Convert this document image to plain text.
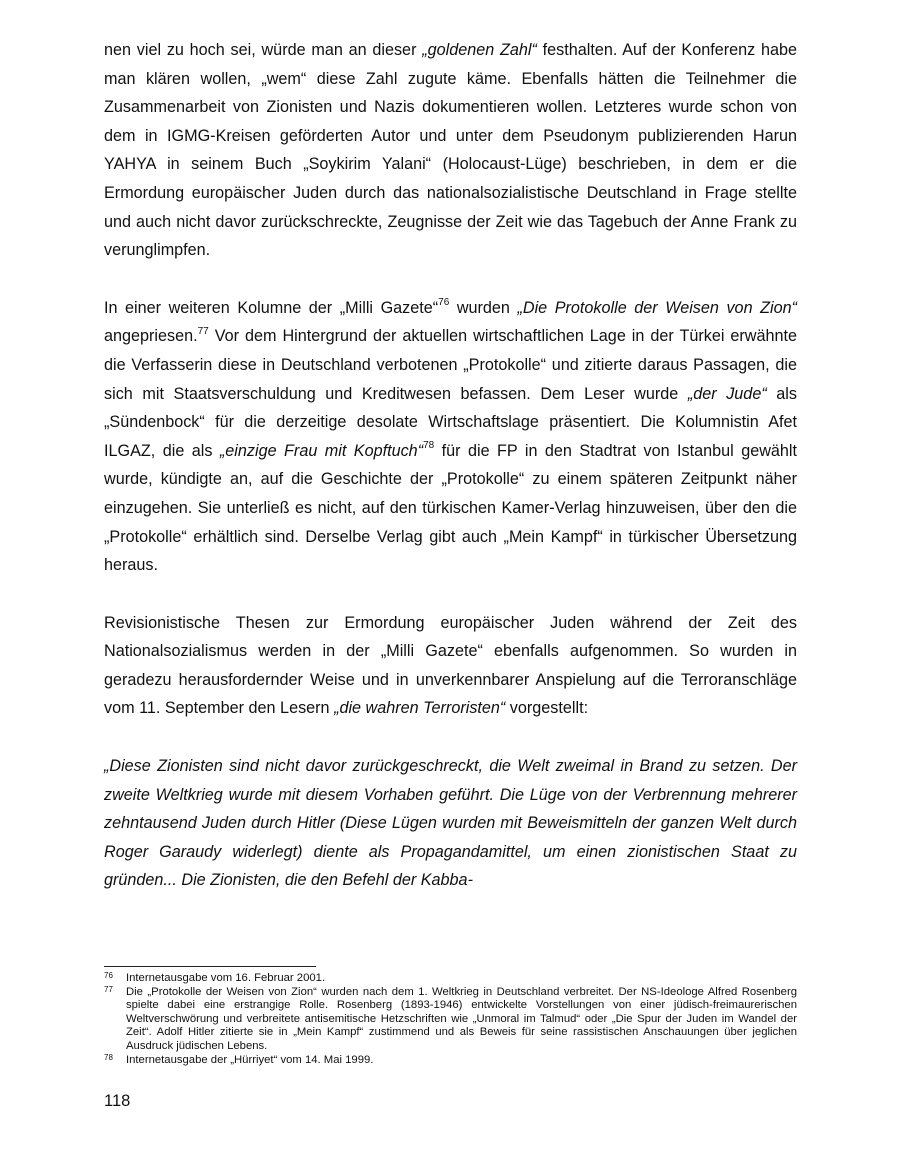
nen viel zu hoch sei, würde man an dieser „goldenen Zahl“ festhalten. Auf der Konferenz habe man klären wollen, „wem“ diese Zahl zugute käme. Ebenfalls hätten die Teilnehmer die Zusammenarbeit von Zionisten und Nazis dokumentieren wollen. Letzteres wurde schon von dem in IGMG-Kreisen geförderten Autor und unter dem Pseudonym publizierenden Harun YAHYA in seinem Buch „Soykirim Yalani“ (Holocaust-Lüge) beschrieben, in dem er die Ermordung europäischer Juden durch das nationalsozialistische Deutschland in Frage stellte und auch nicht davor zurückschreckte, Zeugnisse der Zeit wie das Tagebuch der Anne Frank zu verunglimpfen.

In einer weiteren Kolumne der „Milli Gazete“$^{76}$ wurden „Die Protokolle der Weisen von Zion“ angepriesen.$^{77}$ Vor dem Hintergrund der aktuellen wirtschaftlichen Lage in der Türkei erwähnte die Verfasserin diese in Deutschland verbotenen „Protokolle“ und zitierte daraus Passagen, die sich mit Staatsverschuldung und Kreditwesen befassen. Dem Leser wurde „der Jude“ als „Sündenbock“ für die derzeitige desolate Wirtschaftslage präsentiert. Die Kolumnistin Afet ILGAZ, die als „einzige Frau mit Kopftuch“$^{78}$ für die FP in den Stadtrat von Istanbul gewählt wurde, kündigte an, auf die Geschichte der „Protokolle“ zu einem späteren Zeitpunkt näher einzugehen. Sie unterließ es nicht, auf den türkischen Kamer-Verlag hinzuweisen, über den die „Protokolle“ erhältlich sind. Derselbe Verlag gibt auch „Mein Kampf“ in türkischer Übersetzung heraus.

Revisionistische Thesen zur Ermordung europäischer Juden während der Zeit des Nationalsozialismus werden in der „Milli Gazete“ ebenfalls aufgenommen. So wurden in geradezu herausfordernder Weise und in unverkennbarer Anspielung auf die Terroranschläge vom 11. September den Lesern „die wahren Terroristen“ vorgestellt:

„Diese Zionisten sind nicht davor zurückgeschreckt, die Welt zweimal in Brand zu setzen. Der zweite Weltkrieg wurde mit diesem Vorhaben geführt. Die Lüge von der Verbrennung mehrerer zehntausend Juden durch Hitler (Diese Lügen wurden mit Beweismitteln der ganzen Welt durch Roger Garaudy widerlegt) diente als Propagandamittel, um einen zionistischen Staat zu gründen... Die Zionisten, die den Befehl der Kabba-

76 Internetausgabe vom 16. Februar 2001.
77 Die „Protokolle der Weisen von Zion“ wurden nach dem 1. Weltkrieg in Deutschland verbreitet. Der NS-Ideologe Alfred Rosenberg spielte dabei eine erstrangige Rolle. Rosenberg (1893-1946) entwickelte Vorstellungen von einer jüdisch-freimaurerischen Weltverschwörung und verbreitete antisemitische Hetzschriften wie „Unmoral im Talmud“ oder „Die Spur der Juden im Wandel der Zeit“. Adolf Hitler zitierte sie in „Mein Kampf“ zustimmend und als Beweis für seine rassistischen Anschauungen über jeglichen Ausdruck jüdischen Lebens.
78 Internetausgabe der „Hürriyet“ vom 14. Mai 1999.
118
